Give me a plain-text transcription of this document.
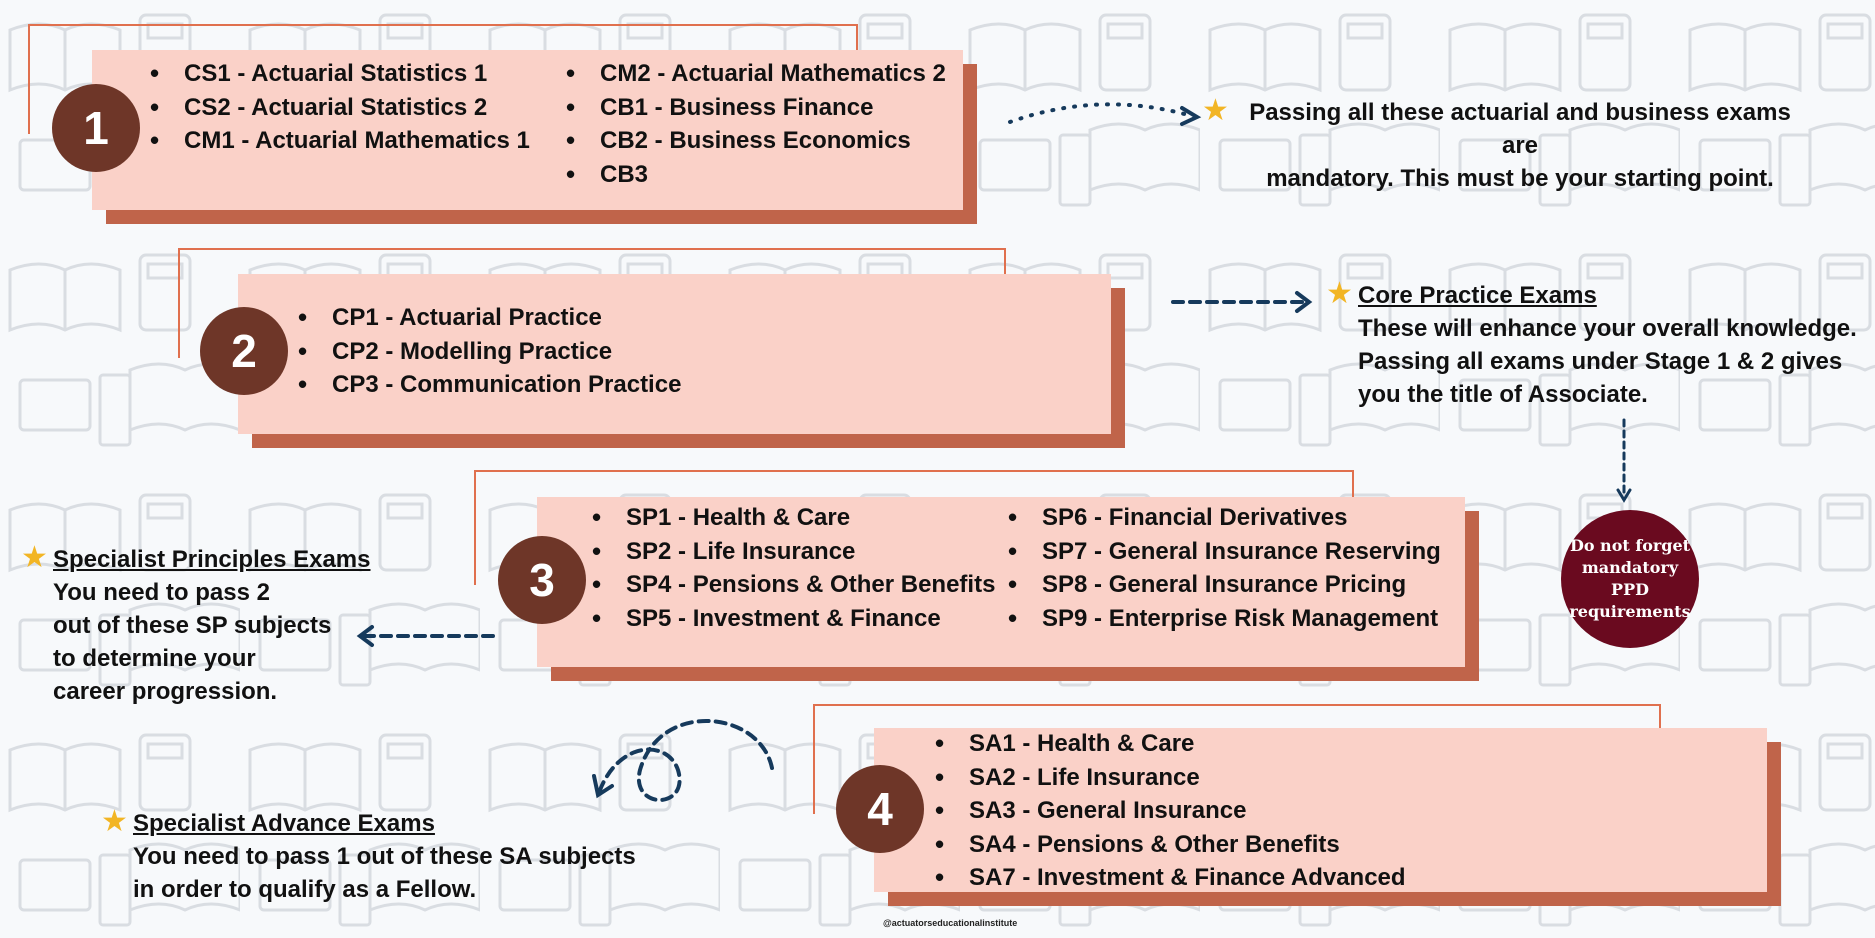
• CS1 - Actuarial Statistics 1
• CS2 - Actuarial Statistics 2
• CM1 - Actuarial Mathematics 1
• CM2 - Actuarial Mathematics 2
• CB1 - Business Finance
• CB2 - Business Economics
• CB3
1
• CP1 - Actuarial Practice
• CP2 - Modelling Practice
• CP3 - Communication Practice
2
• SP1 - Health & Care
• SP2 - Life Insurance
• SP4 - Pensions & Other Benefits
• SP5 - Investment & Finance
• SP6 - Financial Derivatives
• SP7 - General Insurance Reserving
• SP8 - General Insurance Pricing
• SP9 - Enterprise Risk Management
3
• SA1 - Health & Care
• SA2 - Life Insurance
• SA3 - General Insurance
• SA4 - Pensions & Other Benefits
• SA7 - Investment & Finance Advanced
4
★ Passing all these actuarial and business exams are
mandatory. This must be your starting point.
★ Core Practice Exams
These will enhance your overall knowledge.
Passing all exams under Stage 1 & 2 gives
you the title of Associate.
★ Specialist Principles Exams
You need to pass 2
out of these SP subjects
to determine your
career progression.
★ Specialist Advance Exams
You need to pass 1 out of these SA subjects
in order to qualify as a Fellow.
Do not forget mandatory PPD requirements
@actuatorseducationalinstitute
